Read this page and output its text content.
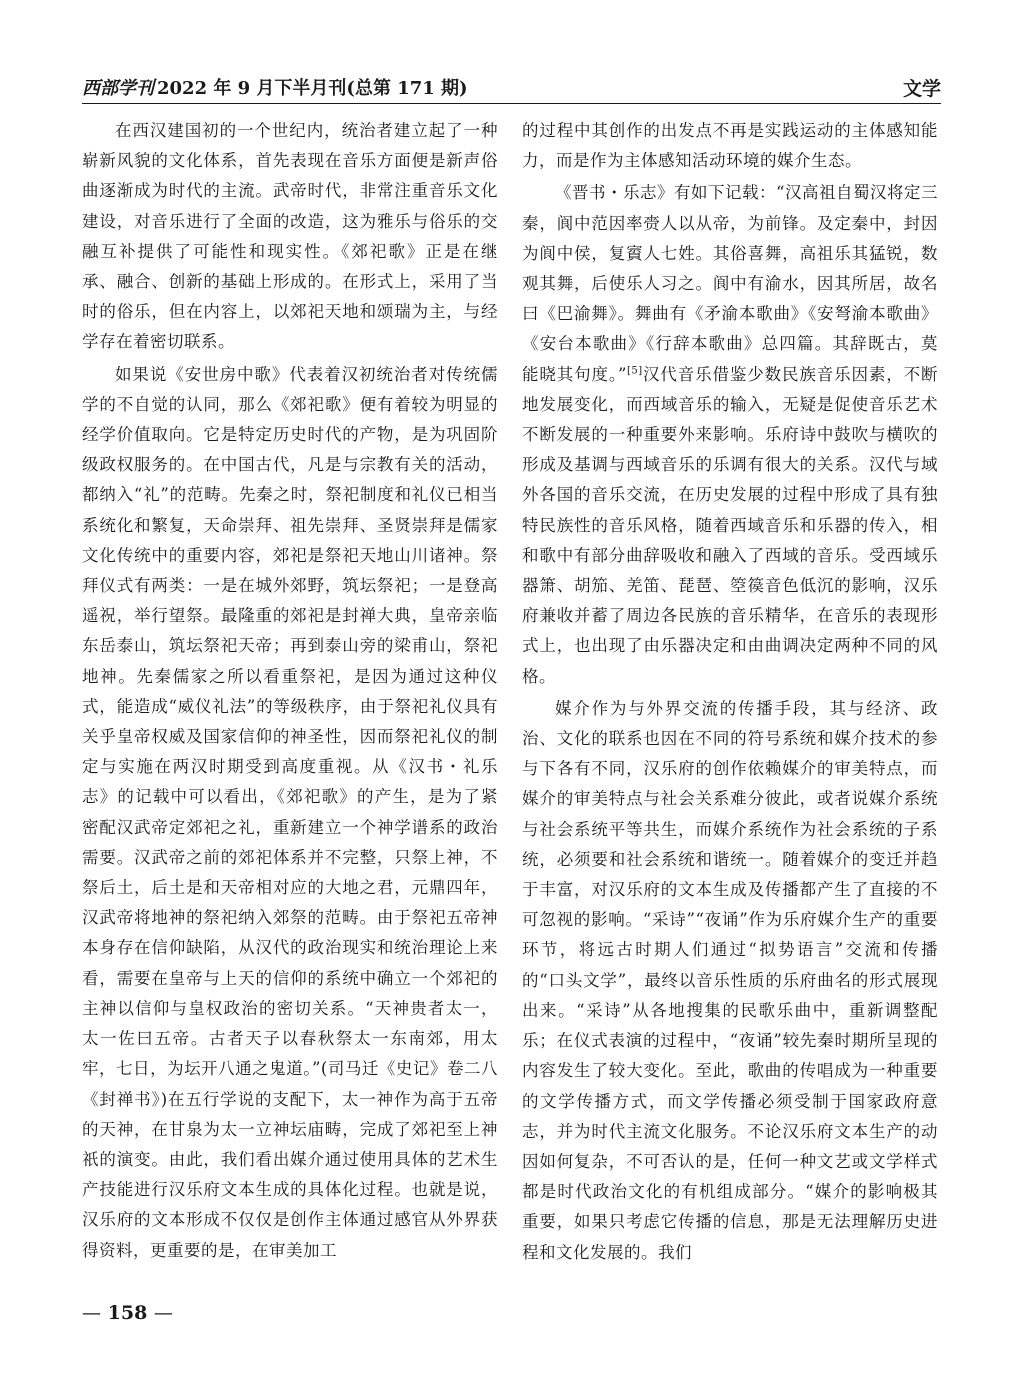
西部学刊 2022 年 9 月下半月刊(总第 171 期)	文学

在西汉建国初的一个世纪内，统治者建立起了一种崭新风貌的文化体系，首先表现在音乐方面便是新声俗曲逐渐成为时代的主流。武帝时代，非常注重音乐文化建设，对音乐进行了全面的改造，这为雅乐与俗乐的交融互补提供了可能性和现实性。《郊祀歌》正是在继承、融合、创新的基础上形成的。在形式上，采用了当时的俗乐，但在内容上，以郊祀天地和颂瑞为主，与经学存在着密切联系。

如果说《安世房中歌》代表着汉初统治者对传统儒学的不自觉的认同，那么《郊祀歌》便有着较为明显的经学价值取向。它是特定历史时代的产物，是为巩固阶级政权服务的。在中国古代，凡是与宗教有关的活动，都纳入“礼”的范畴。先秦之时，祭祀制度和礼仪已相当系统化和繁复，天命崇拜、祖先崇拜、圣贤崇拜是儒家文化传统中的重要内容，郊祀是祭祀天地山川诸神。祭拜仪式有两类：一是在城外郊野，筑坛祭祀；一是登高遥祝，举行望祭。最隆重的郊祀是封禅大典，皇帝亲临东岳泰山，筑坛祭祀天帝；再到泰山旁的梁甫山，祭祀地神。先秦儒家之所以看重祭祀，是因为通过这种仪式，能造成“威仪礼法”的等级秩序，由于祭祀礼仪具有关乎皇帝权威及国家信仰的神圣性，因而祭祀礼仪的制定与实施在两汉时期受到高度重视。从《汉书・礼乐志》的记载中可以看出，《郊祀歌》的产生，是为了紧密配汉武帝定郊祀之礼，重新建立一个神学谱系的政治需要。汉武帝之前的郊祀体系并不完整，只祭上神，不祭后土，后土是和天帝相对应的大地之君，元鼎四年，汉武帝将地神的祭祀纳入郊祭的范畴。由于祭祀五帝神本身存在信仰缺陷，从汉代的政治现实和统治理论上来看，需要在皇帝与上天的信仰的系统中确立一个郊祀的主神以信仰与皇权政治的密切关系。“天神贵者太一，太一佐曰五帝。古者天子以春秋祭太一东南郊，用太牢，七日，为坛开八通之鬼道。”(司马迁《史记》卷二八《封禅书》)在五行学说的支配下，太一神作为高于五帝的天神，在甘泉为太一立神坛庙畴，完成了郊祀至上神祇的演变。由此，我们看出媒介通过使用具体的艺术生产技能进行汉乐府文本生成的具体化过程。也就是说，汉乐府的文本形成不仅仅是创作主体通过感官从外界获得资料，更重要的是，在审美加工

的过程中其创作的出发点不再是实践运动的主体感知能力，而是作为主体感知活动环境的媒介生态。

《晋书・乐志》有如下记载：“汉高祖自蜀汉将定三秦，阆中范因率赍人以从帝，为前锋。及定秦中，封因为阆中侯，复賨人七姓。其俗喜舞，高祖乐其猛锐，数观其舞，后使乐人习之。阆中有渝水，因其所居，故名曰《巴渝舞》。舞曲有《矛渝本歌曲》《安弩渝本歌曲》《安台本歌曲》《行辞本歌曲》总四篇。其辞既古，莫能晓其句度。”[5]汉代音乐借鉴少数民族音乐因素，不断地发展变化，而西域音乐的输入，无疑是促使音乐艺术不断发展的一种重要外来影响。乐府诗中鼓吹与横吹的形成及基调与西域音乐的乐调有很大的关系。汉代与域外各国的音乐交流，在历史发展的过程中形成了具有独特民族性的音乐风格，随着西域音乐和乐器的传入，相和歌中有部分曲辞吸收和融入了西域的音乐。受西域乐器箫、胡笳、羌笛、琵琶、箜篌音色低沉的影响，汉乐府兼收并蓄了周边各民族的音乐精华，在音乐的表现形式上，也出现了由乐器决定和由曲调决定两种不同的风格。

媒介作为与外界交流的传播手段，其与经济、政治、文化的联系也因在不同的符号系统和媒介技术的参与下各有不同，汉乐府的创作依赖媒介的审美特点，而媒介的审美特点与社会关系难分彼此，或者说媒介系统与社会系统平等共生，而媒介系统作为社会系统的子系统，必须要和社会系统和谐统一。随着媒介的变迁并趋于丰富，对汉乐府的文本生成及传播都产生了直接的不可忽视的影响。“采诗”“夜诵”作为乐府媒介生产的重要环节，将远古时期人们通过“拟势语言”交流和传播的“口头文学”，最终以音乐性质的乐府曲名的形式展现出来。“采诗”从各地搜集的民歌乐曲中，重新调整配乐；在仪式表演的过程中，“夜诵”较先秦时期所呈现的内容发生了较大变化。至此，歌曲的传唱成为一种重要的文学传播方式，而文学传播必须受制于国家政府意志，并为时代主流文化服务。不论汉乐府文本生产的动因如何复杂，不可否认的是，任何一种文艺或文学样式都是时代政治文化的有机组成部分。“媒介的影响极其重要，如果只考虑它传播的信息，那是无法理解历史进程和文化发展的。我们

— 158 —
